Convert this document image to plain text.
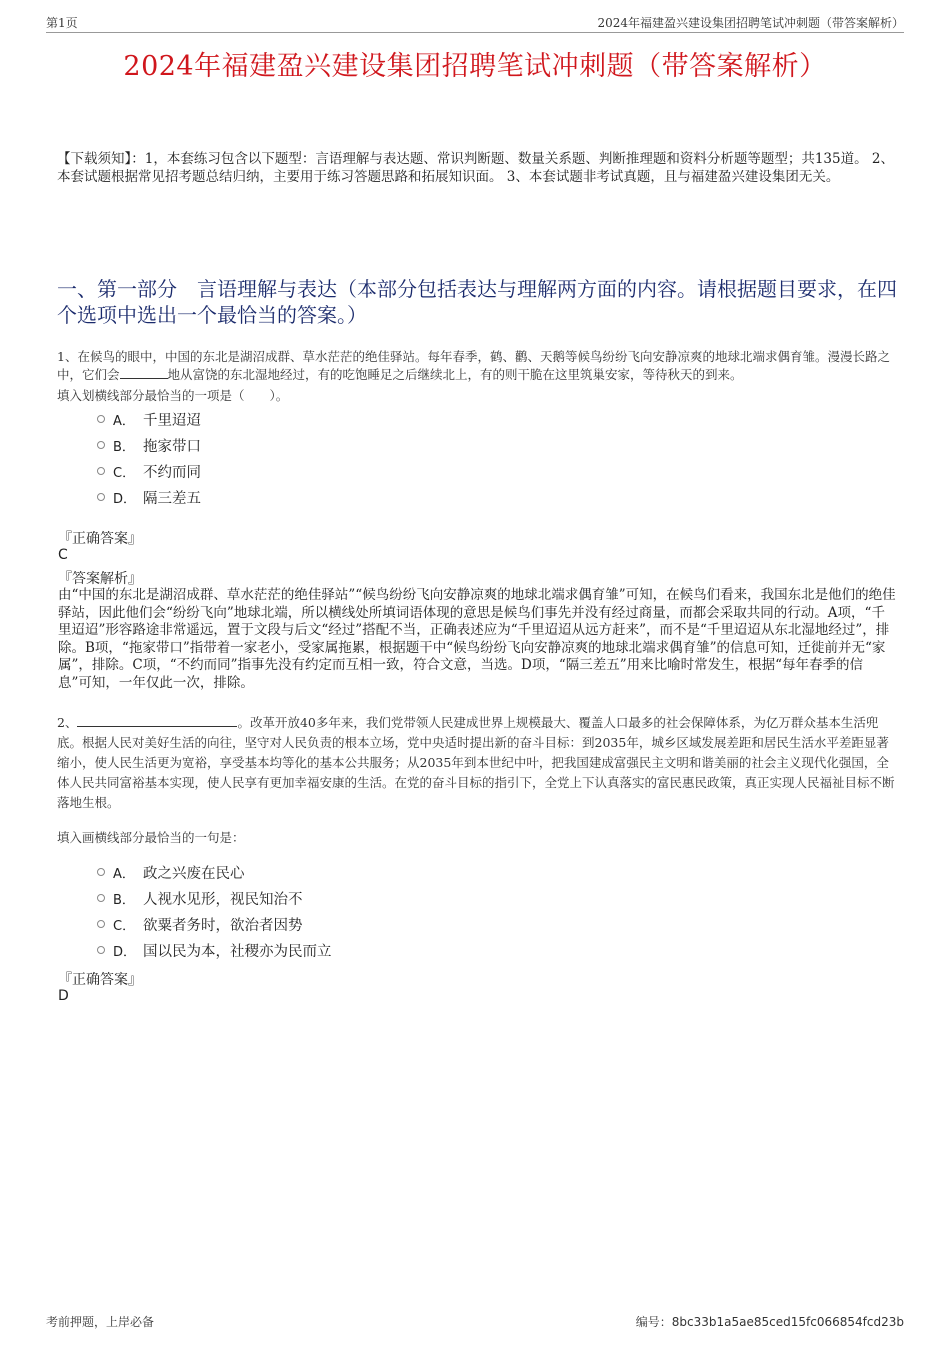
第1页	2024年福建盈兴建设集团招聘笔试冲刺题（带答案解析）
2024年福建盈兴建设集团招聘笔试冲刺题（带答案解析）
【下载须知】：1，本套练习包含以下题型：言语理解与表达题、常识判断题、数量关系题、判断推理题和资料分析题等题型；共135道。 2、本套试题根据常见招考题总结归纳，主要用于练习答题思路和拓展知识面。 3、本套试题非考试真题，且与福建盈兴建设集团无关。
一、第一部分　言语理解与表达（本部分包括表达与理解两方面的内容。请根据题目要求，在四个选项中选出一个最恰当的答案。）
1、在候鸟的眼中，中国的东北是湖沼成群、草水茫茫的绝佳驿站。每年春季，鹤、鹳、天鹅等候鸟纷纷飞向安静凉爽的地球北端求偶育雏。漫漫长路之中，它们会	地从富饶的东北湿地经过，有的吃饱睡足之后继续北上，有的则干脆在这里筑巢安家，等待秋天的到来。
填入划横线部分最恰当的一项是（　　）。
A． 千里迢迢
B． 拖家带口
C． 不约而同
D． 隔三差五
『正确答案』
C
『答案解析』
由“中国的东北是湖沼成群、草水茫茫的绝佳驿站”“候鸟纷纷飞向安静凉爽的地球北端求偶育雏”可知，在候鸟们看来，我国东北是他们的绝佳驿站，因此他们会“纷纷飞向”地球北端，所以横线处所填词语体现的意思是候鸟们事先并没有经过商量，而都会采取共同的行动。A项，“千里迢迢”形容路途非常遥远，置于文段与后文“经过”搭配不当，正确表述应为“千里迢迢从远方赶来”，而不是“千里迢迢从东北湿地经过”，排除。B项，“拖家带口”指带着一家老小，受家属拖累，根据题干中“候鸟纷纷飞向安静凉爽的地球北端求偶育雏”的信息可知，迁徙前并无“家属”，排除。C项，“不约而同”指事先没有约定而互相一致，符合文意，当选。D项，“隔三差五”用来比喻时常发生，根据“每年春季的信息”可知，一年仅此一次，排除。
2、	。改革开放40多年来，我们党带领人民建成世界上规模最大、覆盖人口最多的社会保障体系，为亿万群众基本生活兜底。根据人民对美好生活的向往，坚守对人民负责的根本立场，党中央适时提出新的奋斗目标：到2035年，城乡区域发展差距和居民生活水平差距显著缩小，使人民生活更为宽裕，享受基本均等化的基本公共服务；从2035年到本世纪中叶，把我国建成富强民主文明和谐美丽的社会主义现代化强国，全体人民共同富裕基本实现，使人民享有更加幸福安康的生活。在党的奋斗目标的指引下，全党上下认真落实的富民惠民政策，真正实现人民福祉目标不断落地生根。
填入画横线部分最恰当的一句是：
A． 政之兴废在民心
B． 人视水见形，视民知治不
C． 欲粟者务时，欲治者因势
D． 国以民为本，社稷亦为民而立
『正确答案』
D
考前押题，上岸必备	编号：8bc33b1a5ae85ced15fc066854fcd23b
